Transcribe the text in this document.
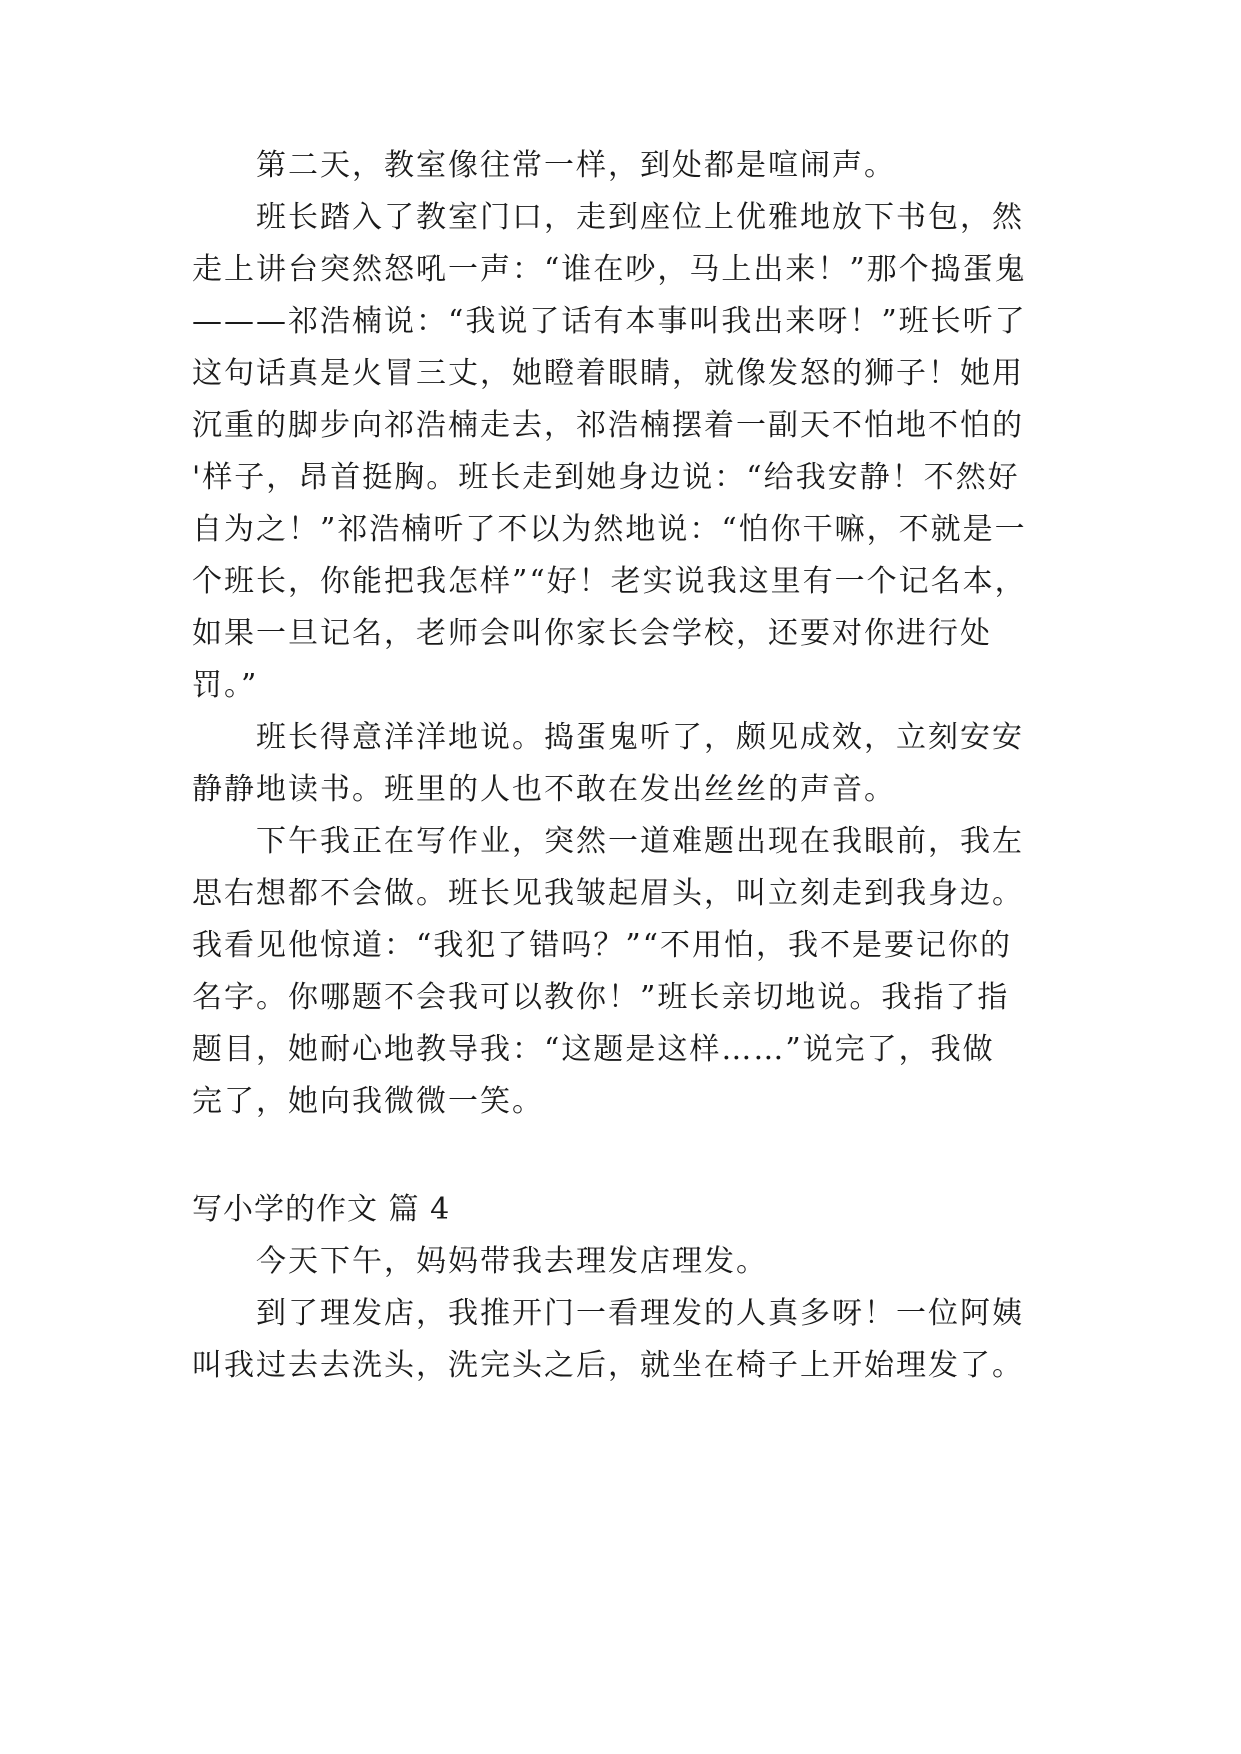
第二天，教室像往常一样，到处都是喧闹声。

班长踏入了教室门口，走到座位上优雅地放下书包，然

走上讲台突然怒吼一声：“谁在吵，马上出来！”那个捣蛋鬼

———祁浩楠说：“我说了话有本事叫我出来呀！”班长听了

这句话真是火冒三丈，她瞪着眼睛，就像发怒的狮子！她用

沉重的脚步向祁浩楠走去，祁浩楠摆着一副天不怕地不怕的

'样子，昂首挺胸。班长走到她身边说：“给我安静！不然好

自为之！”祁浩楠听了不以为然地说：“怕你干嘛，不就是一

个班长，你能把我怎样”“好！老实说我这里有一个记名本，

如果一旦记名，老师会叫你家长会学校，还要对你进行处

罚。”

班长得意洋洋地说。捣蛋鬼听了，颇见成效，立刻安安

静静地读书。班里的人也不敢在发出丝丝的声音。

下午我正在写作业，突然一道难题出现在我眼前，我左

思右想都不会做。班长见我皱起眉头，叫立刻走到我身边。

我看见他惊道：“我犯了错吗？”“不用怕，我不是要记你的

名字。你哪题不会我可以教你！”班长亲切地说。我指了指

题目，她耐心地教导我：“这题是这样……”说完了，我做

完了，她向我微微一笑。

写小学的作文 篇 4

今天下午，妈妈带我去理发店理发。

到了理发店，我推开门一看理发的人真多呀！一位阿姨

叫我过去去洗头，洗完头之后，就坐在椅子上开始理发了。
